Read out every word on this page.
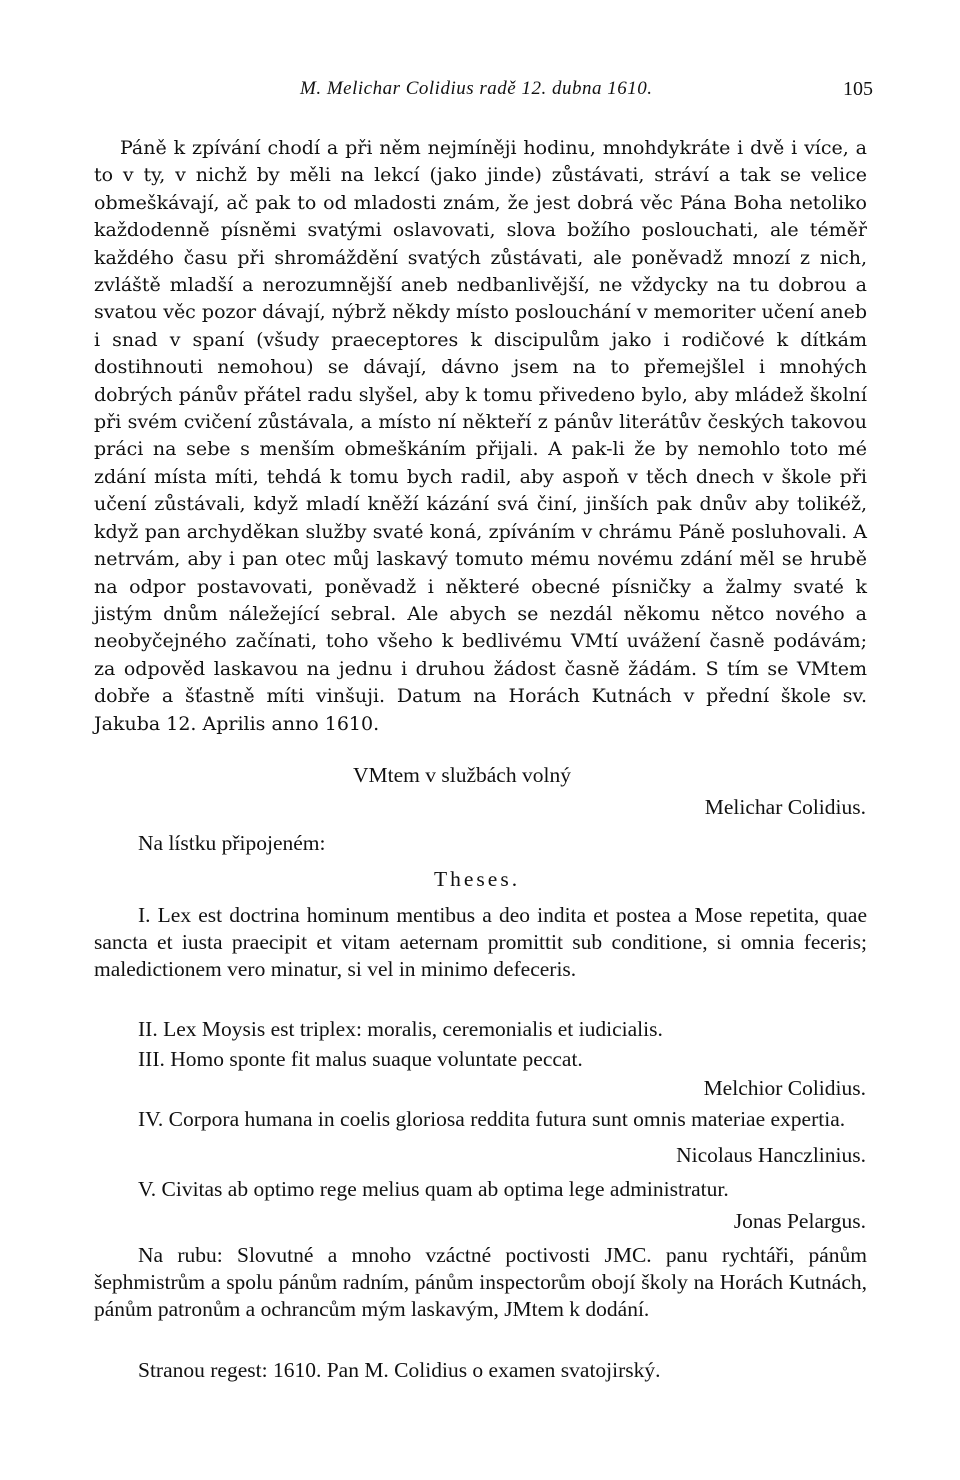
M. Melichar Colidius radě 12. dubna 1610.	105

Páně k zpívání chodí a při něm nejmíněji hodinu, mnohdykráte i dvě i více, a to v ty, v nichž by měli na lekcí (jako jinde) zůstávati, stráví a tak se velice obmeškávají, ač pak to od mladosti znám, že jest dobrá věc Pána Boha netoliko každodenně písněmi svatými oslavovati, slova božího poslouchati, ale téměř každého času při shromáždění svatých zůstávati, ale poněvadž mnozí z nich, zvláště mladší a nerozumnější aneb nedbanlivější, ne vždycky na tu dobrou a svatou věc pozor dávají, nýbrž někdy místo poslouchání v memoriter učení aneb i snad v spaní (všudy praeceptores k discipulům jako i rodičové k dítkám dostihnouti nemohou) se dávají, dávno jsem na to přemejšlel i mnohých dobrých pánův přátel radu slyšel, aby k tomu přivedeno bylo, aby mládež školní při svém cvičení zůstávala, a místo ní někteří z pánův literátův českých takovou práci na sebe s menším obmeškáním přijali. A pak-li že by nemohlo toto mé zdání místa míti, tehdá k tomu bych radil, aby aspoň v těch dnech v škole při učení zůstávali, když mladí kněží kázání svá činí, jinších pak dnův aby tolikéž, když pan archyděkan služby svaté koná, zpíváním v chrámu Páně posluhovali. A netrvám, aby i pan otec můj laskavý tomuto mému novému zdání měl se hrubě na odpor postavovati, poněvadž i některé obecné písničky a žalmy svaté k jistým dnům náležející sebral. Ale abych se nezdál někomu nětco nového a neobyčejného začínati, toho všeho k bedlivému VMtí uvážení časně podávám; za odpověd laskavou na jednu i druhou žádost časně žádám. S tím se VMtem dobře a šťastně míti vinšuji. Datum na Horách Kutnách v přední škole sv. Jakuba 12. Aprilis anno 1610.

VMtem v službách volný

Melichar Colidius.

Na lístku připojeném:

Theses.

I. Lex est doctrina hominum mentibus a deo indita et postea a Mose repetita, quae sancta et iusta praecipit et vitam aeternam promittit sub conditione, si omnia feceris; maledictionem vero minatur, si vel in minimo defeceris.

II. Lex Moysis est triplex: moralis, ceremonialis et iudicialis.

III. Homo sponte fit malus suaque voluntate peccat.

Melchior Colidius.

IV. Corpora humana in coelis gloriosa reddita futura sunt omnis materiae expertia.

Nicolaus Hanczlinius.

V. Civitas ab optimo rege melius quam ab optima lege administratur.

Jonas Pelargus.

Na rubu: Slovutné a mnoho vzáctné poctivosti JMC. panu rychtáři, pánům šephmistrům a spolu pánům radním, pánům inspectorům obojí školy na Horách Kutnách, pánům patronům a ochrancům mým laskavým, JMtem k dodání.

Stranou regest: 1610. Pan M. Colidius o examen svatojirský.
